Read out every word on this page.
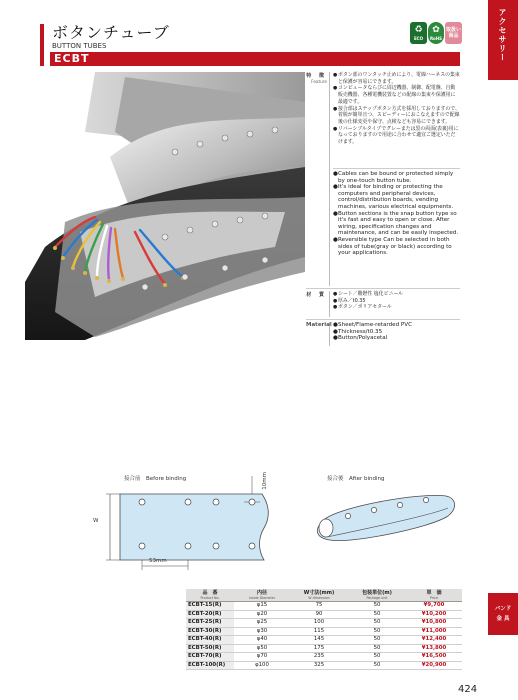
アクセサリー
バンド
金 具
ボタンチューブ
BUTTON TUBES
ECBT
♻
ECO
✿
RoHS
取扱い
商品
特 徴
Feature

● ボタン部のワンタッチ止めにより、電線ハーネスの集束と保護が容易にできます。

● コンピュータならびに周辺機器、制御、配電盤、自動販売機器、各種電機装置などの配線の集束や保護用に最適です。

● 接合部はスナップボタン方式を採用しておりますので、着脱が簡単且つ、スピーディーにおこなえますので配線後の仕様変更や保守、点検なども容易にできます。

● リバーシブルタイプでグレーまたは黒の両面(表裏)用になっておりますので用途に合わせて適宜ご選定いただけます。

● Cables can be bound or protected simply by one-touch button tube.

● It's ideal for binding or protecting the computers and peripheral devices, control/distribution boards, vending machines, various electrical equipments.

● Button sections is the snap button type so it's fast and easy to open or close. After wiring, specification changes and maintenance, and can be easily inspected.

● Reversible type Can be selected in both sides of tube(gray or black) according to your applications.

材 質	● シート／難燃性 塩化ビニール

● 厚み／t0.35

● ボタン／ポリアセタール

Material	● Sheet/Flame-retarded PVC

● Thickness/t0.35

● Button/Polyacetal

接合前　Before binding	接合後　After binding
W
10mm
53mm
品　番
Product No.	内径
Inside Diameter	W寸法(mm)
W dimension	包装単位(m)
Package unit	単　価
Price

ECBT-15(R)	φ15	75	50	¥9,700
ECBT-20(R)	φ20	90	50	¥10,200
ECBT-25(R)	φ25	100	50	¥10,800
ECBT-30(R)	φ30	115	50	¥11,000
ECBT-40(R)	φ40	145	50	¥12,400
ECBT-50(R)	φ50	175	50	¥13,800
ECBT-70(R)	φ70	235	50	¥16,500
ECBT-100(R)	φ100	325	50	¥20,900
424
